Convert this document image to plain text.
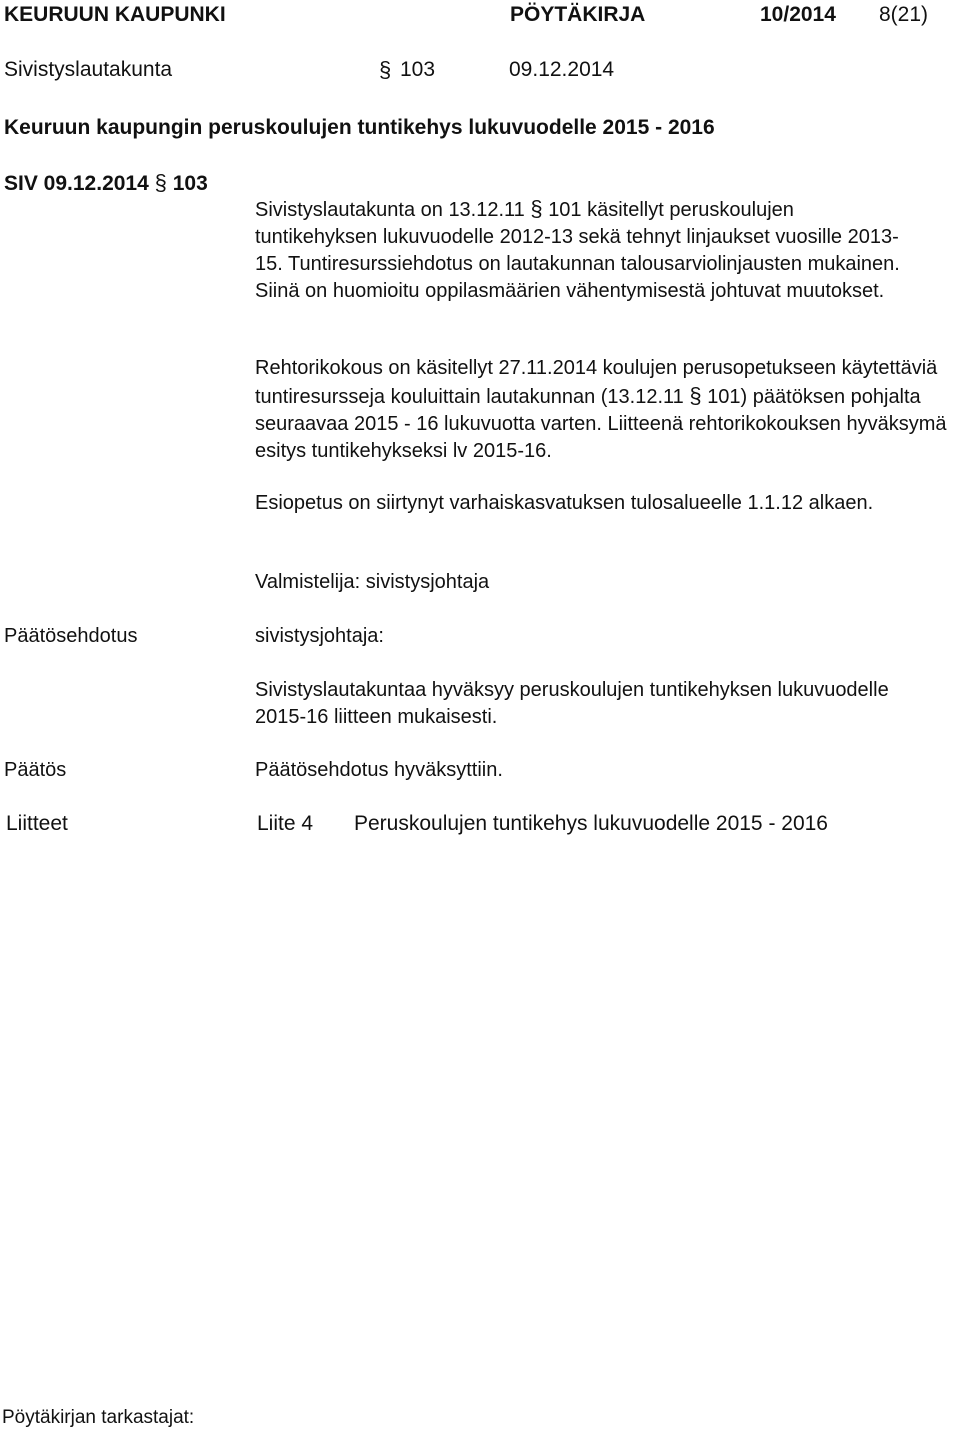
KEURUUN KAUPUNKI	PÖYTÄKIRJA	10/2014 8(21)
Sivistyslautakunta	§ 103	09.12.2014
Keuruun kaupungin peruskoulujen tuntikehys lukuvuodelle 2015 - 2016
SIV 09.12.2014 § 103

Sivistyslautakunta on 13.12.11 § 101 käsitellyt peruskoulujen tuntikehyksen lukuvuodelle 2012-13 sekä tehnyt linjaukset vuosille 2013-15. Tuntiresurssiehdotus on lautakunnan talousarviolinjausten mukainen. Siinä on huomioitu oppilasmäärien vähentymisestä johtuvat muutokset.

Rehtorikokous on käsitellyt 27.11.2014 koulujen perusopetukseen käytettäviä tuntiresursseja kouluittain lautakunnan (13.12.11 § 101) päätöksen pohjalta seuraavaa 2015 - 16 lukuvuotta varten. Liitteenä rehtorikokouksen hyväksymä esitys tuntikehykseksi lv 2015-16.

Esiopetus on siirtynyt varhaiskasvatuksen tulosalueelle 1.1.12 alkaen.

Valmistelija: sivistysjohtaja
Päätösehdotus	sivistysjohtaja:

Sivistyslautakuntaa hyväksyy peruskoulujen tuntikehyksen lukuvuodelle 2015-16 liitteen mukaisesti.

Päätös	Päätösehdotus hyväksyttiin.
Liitteet	Liite 4 Peruskoulujen tuntikehys lukuvuodelle 2015 - 2016
Pöytäkirjan tarkastajat:
